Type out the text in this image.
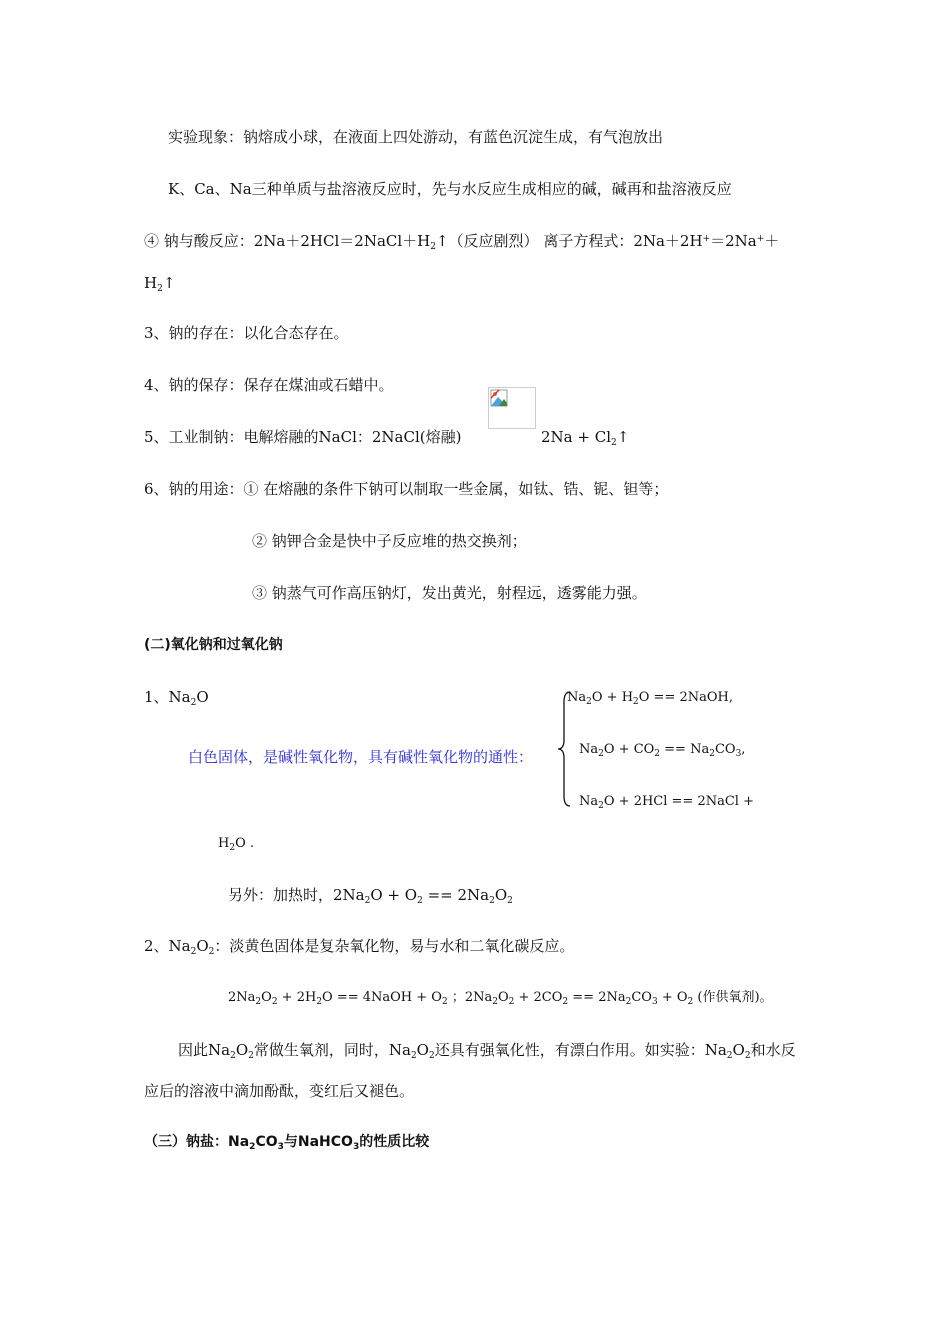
实验现象：钠熔成小球，在液面上四处游动，有蓝色沉淀生成，有气泡放出
K、Ca、Na三种单质与盐溶液反应时，先与水反应生成相应的碱，碱再和盐溶液反应
④ 钠与酸反应：$2Na+2HCl=2NaCl+H_2↑$（反应剧烈） 离子方程式：2Na＋2H+＝2Na+＋
$H_2↑$
3、钠的存在：以化合态存在。
4、钠的保存：保存在煤油或石蜡中。
5、工业制钠：电解熔融的NaCl：2NaCl(熔融)	$2Na + Cl_2↑$
6、钠的用途：① 在熔融的条件下钠可以制取一些金属，如钛、锆、铌、钽等；
② 钠钾合金是快中子反应堆的热交换剂；
③ 钠蒸气可作高压钠灯，发出黄光，射程远，透雾能力强。
(二)氧化钠和过氧化钠
1、$Na_2O$	$Na_2O + H_2O$ == 2NaOH,
白色固体，是碱性氧化物，具有碱性氧化物的通性：	$Na_2O + CO_2 == Na_2CO_3$,
$Na_2O + 2HCl$ == 2NaCl +
$H_2O$ .
另外：加热时，$2Na_2O + O_2 == 2Na_2O_2$
2、$Na_2O_2$：淡黄色固体是复杂氧化物，易与水和二氧化碳反应。
$2Na_2O_2 + 2H_2O$ == 4NaOH + $O_2$ ；$2Na_2O_2 + 2CO_2 == 2Na_2CO_3 + O_2$ (作供氧剂)。
因此$Na_2O_2$常做生氧剂，同时，$Na_2O_2$还具有强氧化性，有漂白作用。如实验：$Na_2O_2$和水反
应后的溶液中滴加酚酞，变红后又褪色。
（三）钠盐：$Na_2CO_3$与NaHCO$_3$的性质比较
